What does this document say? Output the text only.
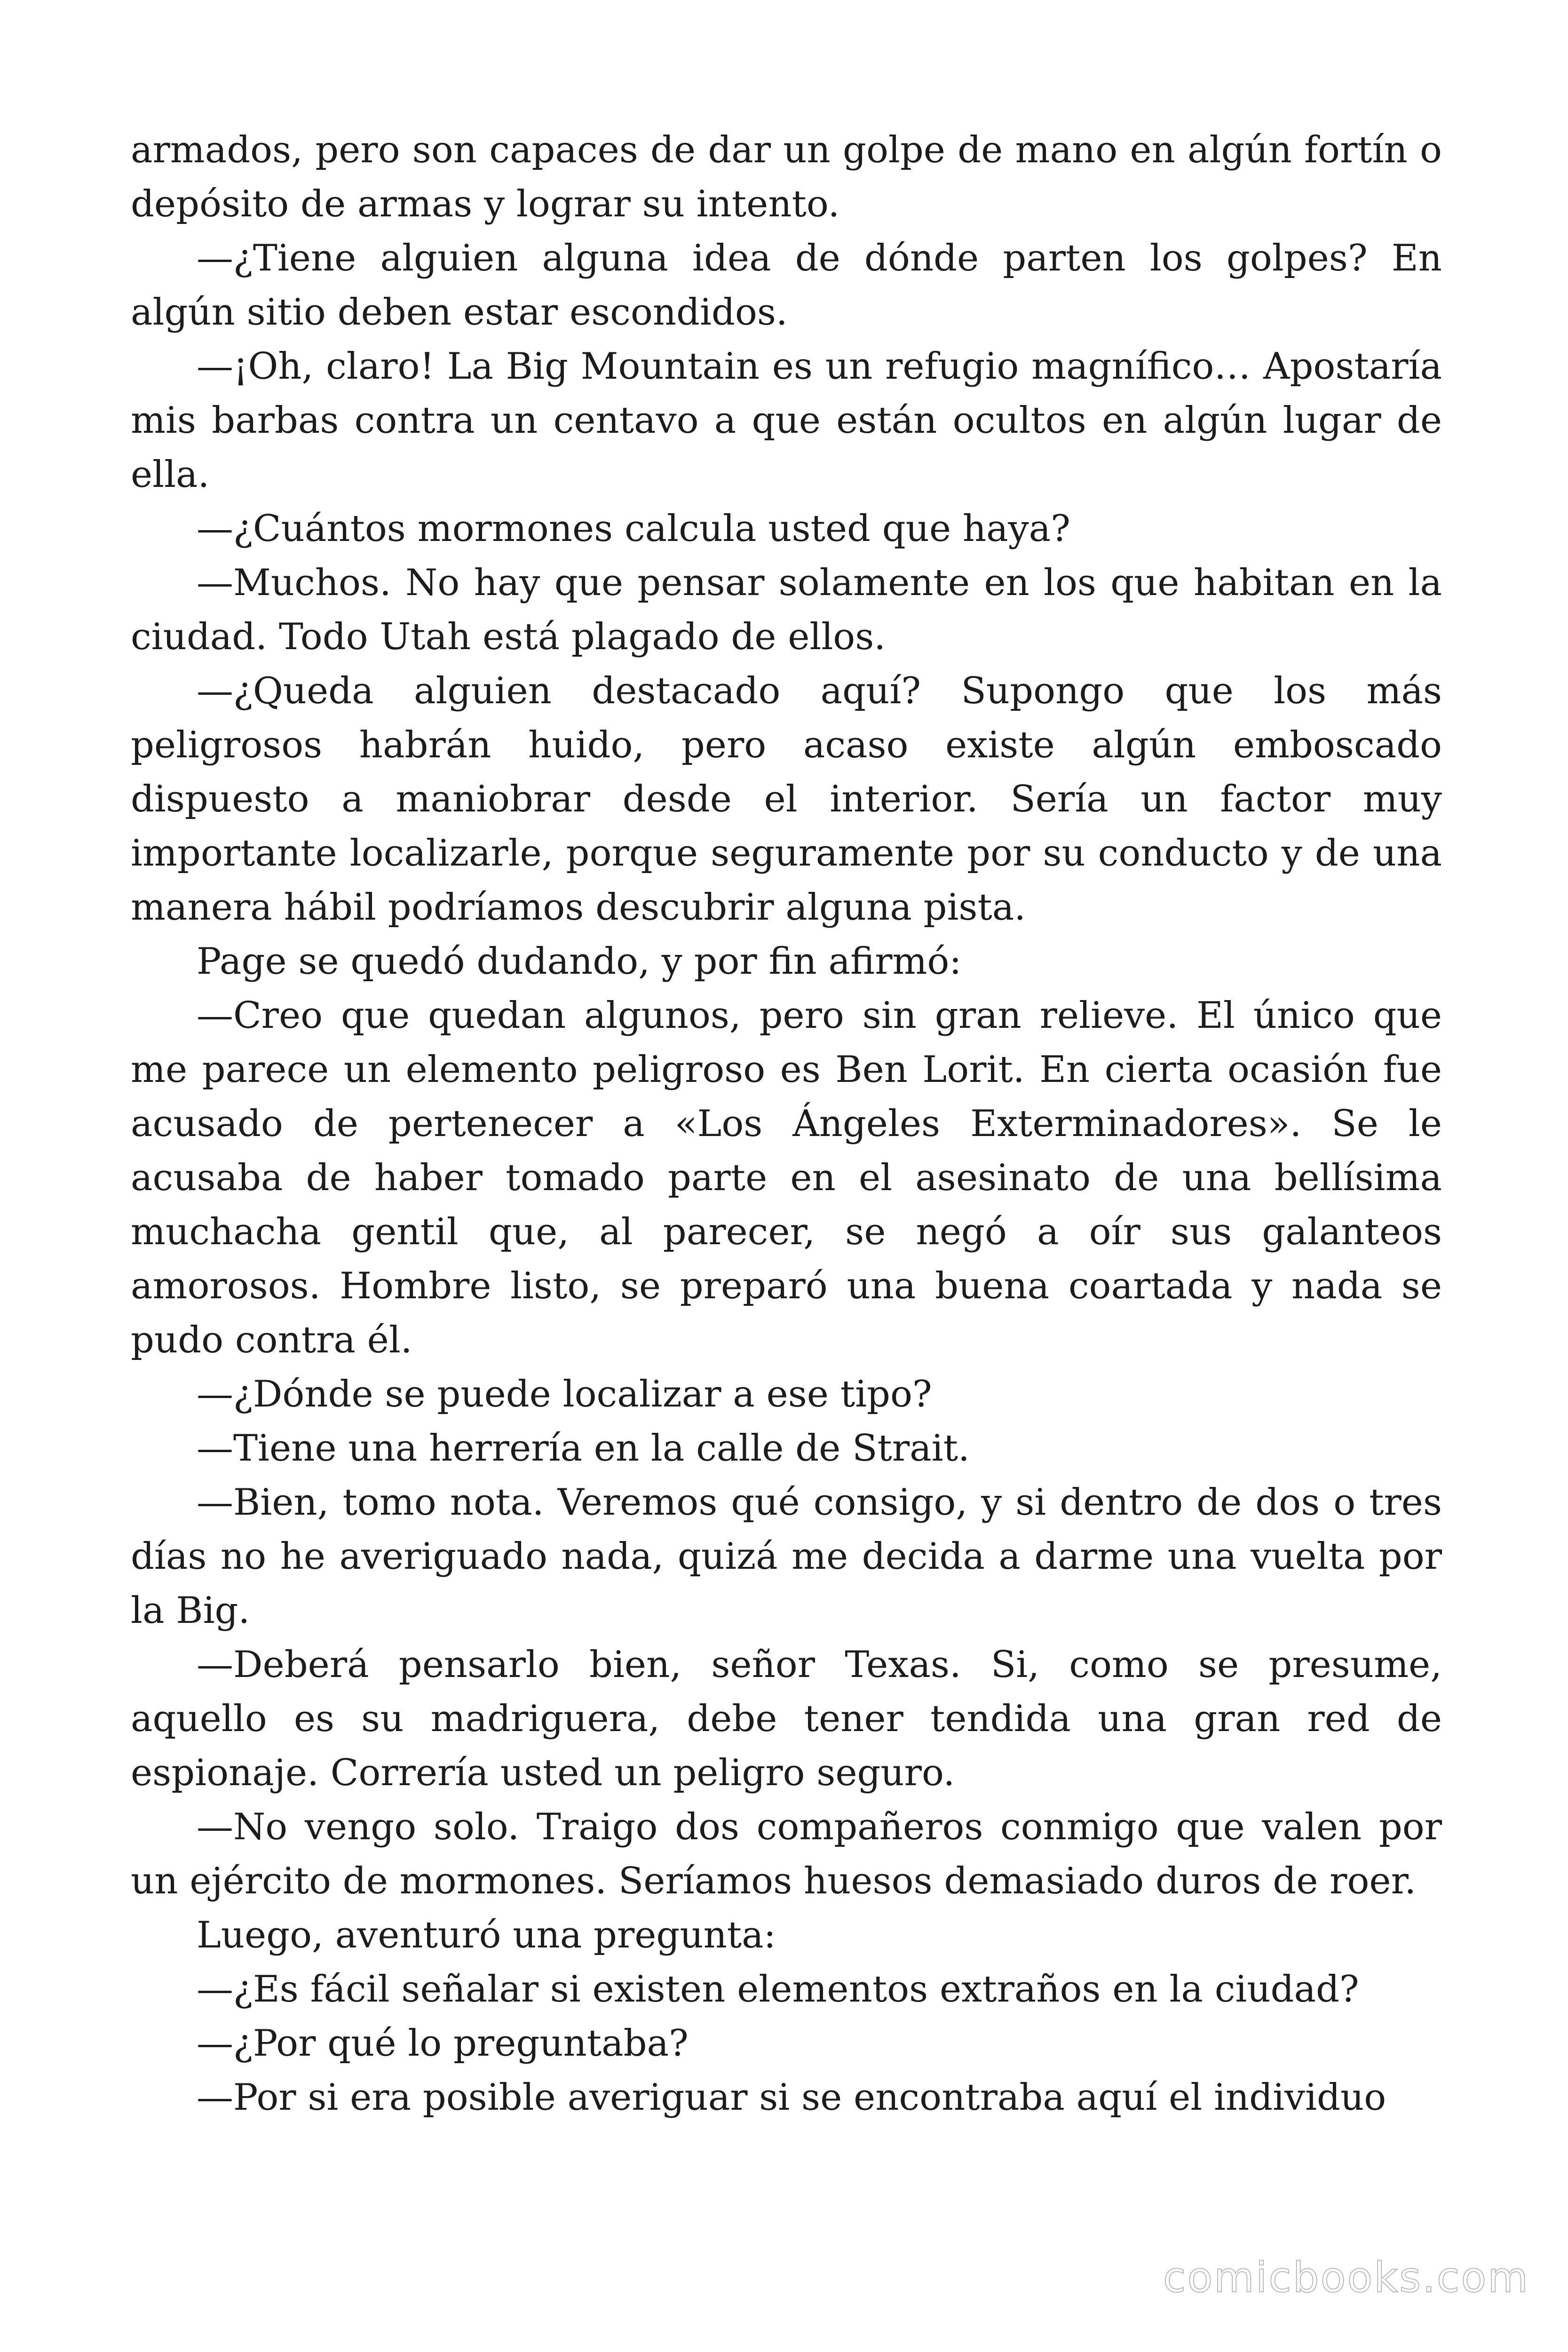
armados, pero son capaces de dar un golpe de mano en algún fortín o depósito de armas y lograr su intento.

—¿Tiene alguien alguna idea de dónde parten los golpes? En algún sitio deben estar escondidos.

—¡Oh, claro! La Big Mountain es un refugio magnífico… Apostaría mis barbas contra un centavo a que están ocultos en algún lugar de ella.

—¿Cuántos mormones calcula usted que haya?

—Muchos. No hay que pensar solamente en los que habitan en la ciudad. Todo Utah está plagado de ellos.

—¿Queda alguien destacado aquí? Supongo que los más peligrosos habrán huido, pero acaso existe algún emboscado dispuesto a maniobrar desde el interior. Sería un factor muy importante localizarle, porque seguramente por su conducto y de una manera hábil podríamos descubrir alguna pista.

Page se quedó dudando, y por fin afirmó:

—Creo que quedan algunos, pero sin gran relieve. El único que me parece un elemento peligroso es Ben Lorit. En cierta ocasión fue acusado de pertenecer a «Los Ángeles Exterminadores». Se le acusaba de haber tomado parte en el asesinato de una bellísima muchacha gentil que, al parecer, se negó a oír sus galanteos amorosos. Hombre listo, se preparó una buena coartada y nada se pudo contra él.

—¿Dónde se puede localizar a ese tipo?

—Tiene una herrería en la calle de Strait.

—Bien, tomo nota. Veremos qué consigo, y si dentro de dos o tres días no he averiguado nada, quizá me decida a darme una vuelta por la Big.

—Deberá pensarlo bien, señor Texas. Si, como se presume, aquello es su madriguera, debe tener tendida una gran red de espionaje. Correría usted un peligro seguro.

—No vengo solo. Traigo dos compañeros conmigo que valen por un ejército de mormones. Seríamos huesos demasiado duros de roer.

Luego, aventuró una pregunta:

—¿Es fácil señalar si existen elementos extraños en la ciudad?

—¿Por qué lo preguntaba?

—Por si era posible averiguar si se encontraba aquí el individuo

comicbooks.com
